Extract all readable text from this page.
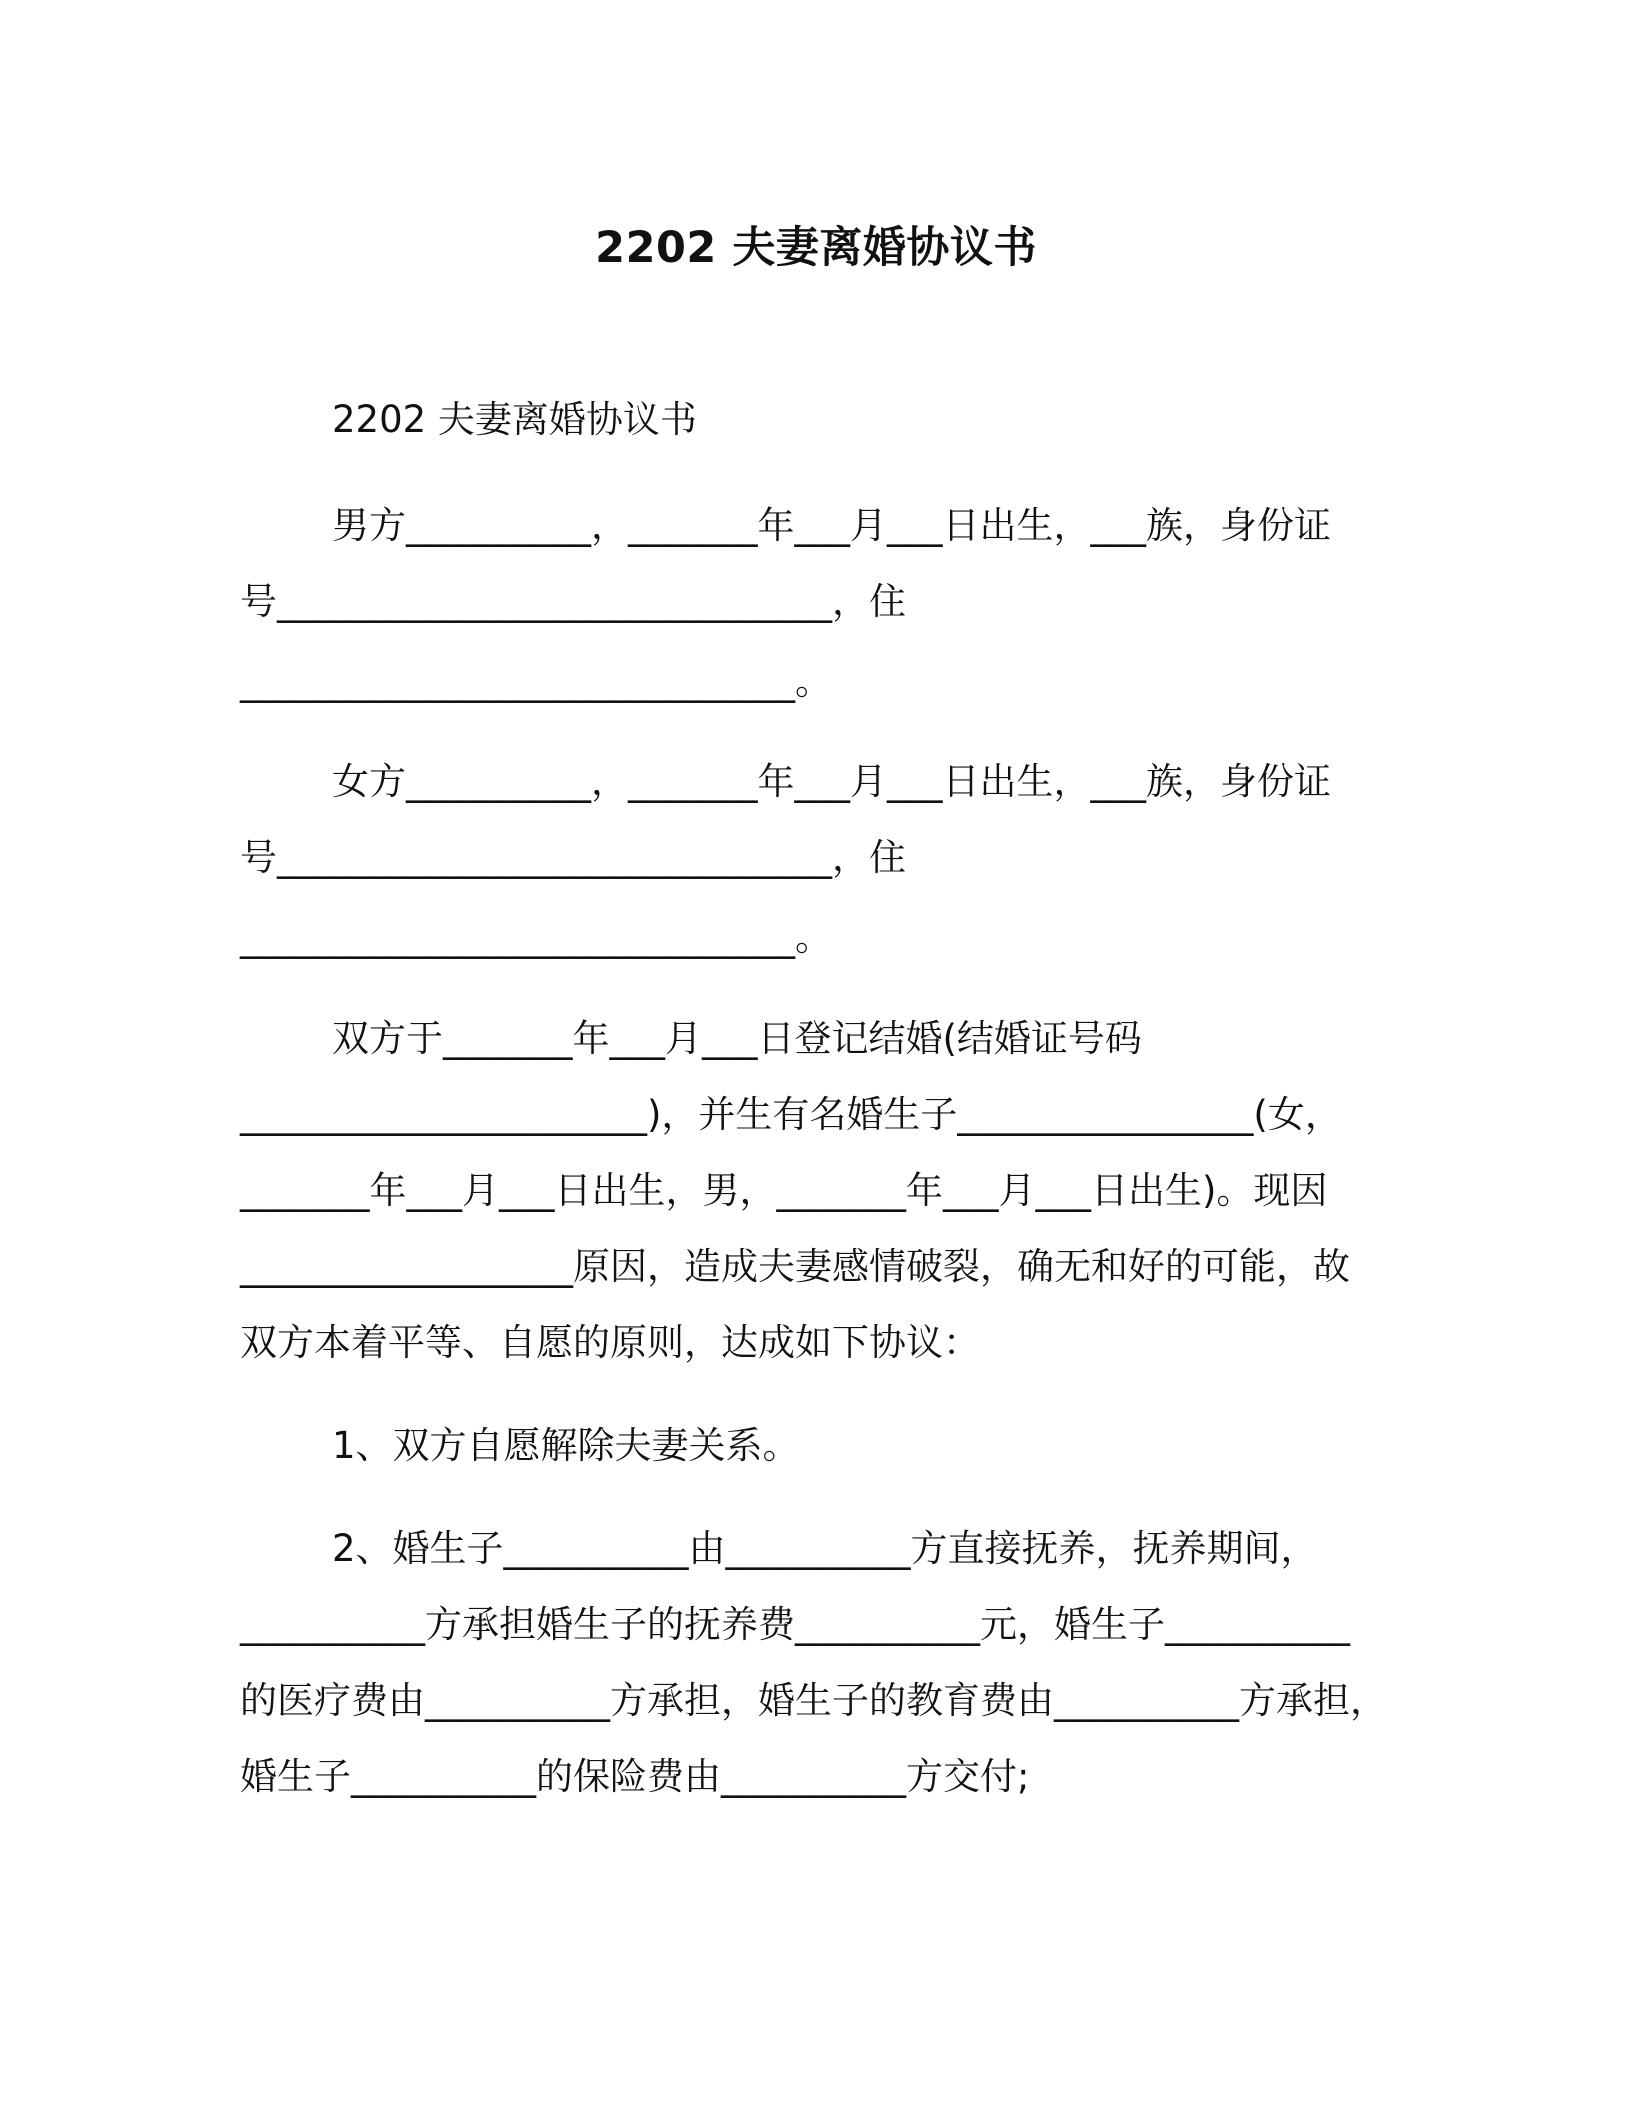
2202 夫妻离婚协议书
2202 夫妻离婚协议书
男方__________，_______年___月___日出生，___族，身份证
号______________________________，住
______________________________。
女方__________，_______年___月___日出生，___族，身份证
号______________________________，住
______________________________。
双方于_______年___月___日登记结婚(结婚证号码
______________________)，并生有名婚生子________________(女，
_______年___月___日出生，男，_______年___月___日出生)。现因
__________________原因，造成夫妻感情破裂，确无和好的可能，故
双方本着平等、自愿的原则，达成如下协议：
1、双方自愿解除夫妻关系。
2、婚生子__________由__________方直接抚养，抚养期间，
__________方承担婚生子的抚养费__________元，婚生子__________
的医疗费由__________方承担，婚生子的教育费由__________方承担，
婚生子__________的保险费由__________方交付;
